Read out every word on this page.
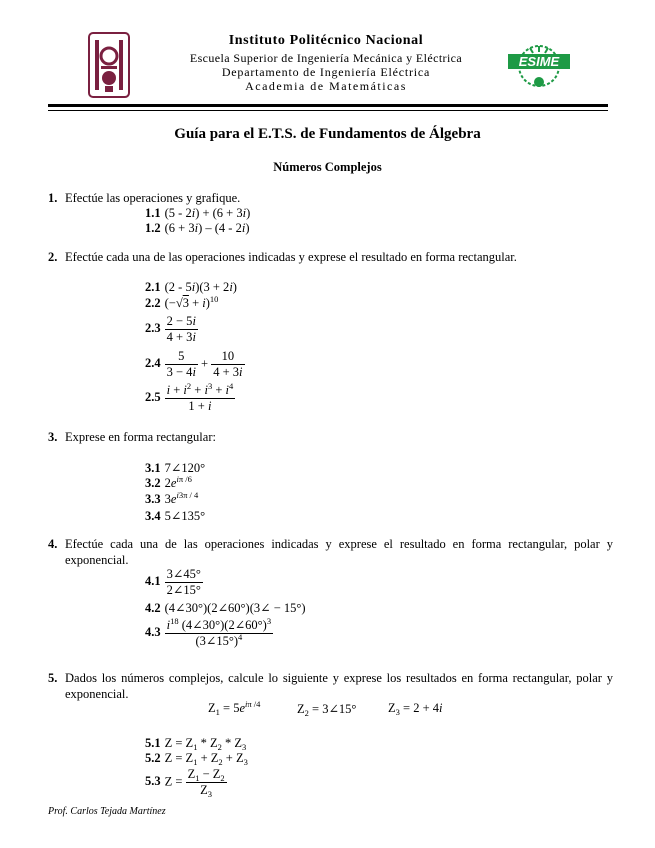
ESIME
Instituto Politécnico Nacional
Escuela Superior de Ingeniería Mecánica y Eléctrica
Departamento de Ingeniería Eléctrica
Academia de Matemáticas
Guía para el E.T.S. de Fundamentos de Álgebra
Números Complejos
1. Efectúe las operaciones y grafique.
1.1 (5 - 2i) + (6 + 3i)
1.2 (6 + 3i) – (4 - 2i)
2. Efectúe cada una de las operaciones indicadas y exprese el resultado en forma rectangular.
2.1 (2 - 5i)(3 + 2i)
2.2 $(-√3 + i)^{10}$
$2.3 \frac{2 - 5i}{4 + 3i}$
$2.4 \frac{5}{3 - 4i} + \frac{10}{4 + 3i}$
$2.5 \frac{i + i^2 + i^3 + i^4}{1 + i}$
3. Exprese en forma rectangular:
3.1 7∠120°
3.2 $2e^{i\pi /6}$
3.3 $3e^{i3\pi / 4}$
3.4 5∠135°
4. Efectúe cada una de las operaciones indicadas y exprese el resultado en forma rectangular, polar y exponencial.
$4.1 \frac{3\angle 45^\circ}{2\angle 15^\circ}$
4.2 (4∠30°)(2∠60°)(3∠ − 15°)
$4.3 \frac{i^{18} (4\angle 30^\circ)(2\angle 60^\circ)^3}{(3\angle 15^\circ)^4}$
5. Dados los números complejos, calcule lo siguiente y exprese los resultados en forma rectangular, polar y exponencial.
$Z_1 = 5e^{i\pi /4}$	$Z_2$ = 3∠15°	$Z_3 = 2 + 4i$
5.1 $Z = Z_1 * Z_2 * Z_3$
5.2 $Z = Z_1 + Z_2 + Z_3$
5.3 $Z = \frac{Z_1 - Z_2}{Z_3}$
Prof. Carlos Tejada Martínez
